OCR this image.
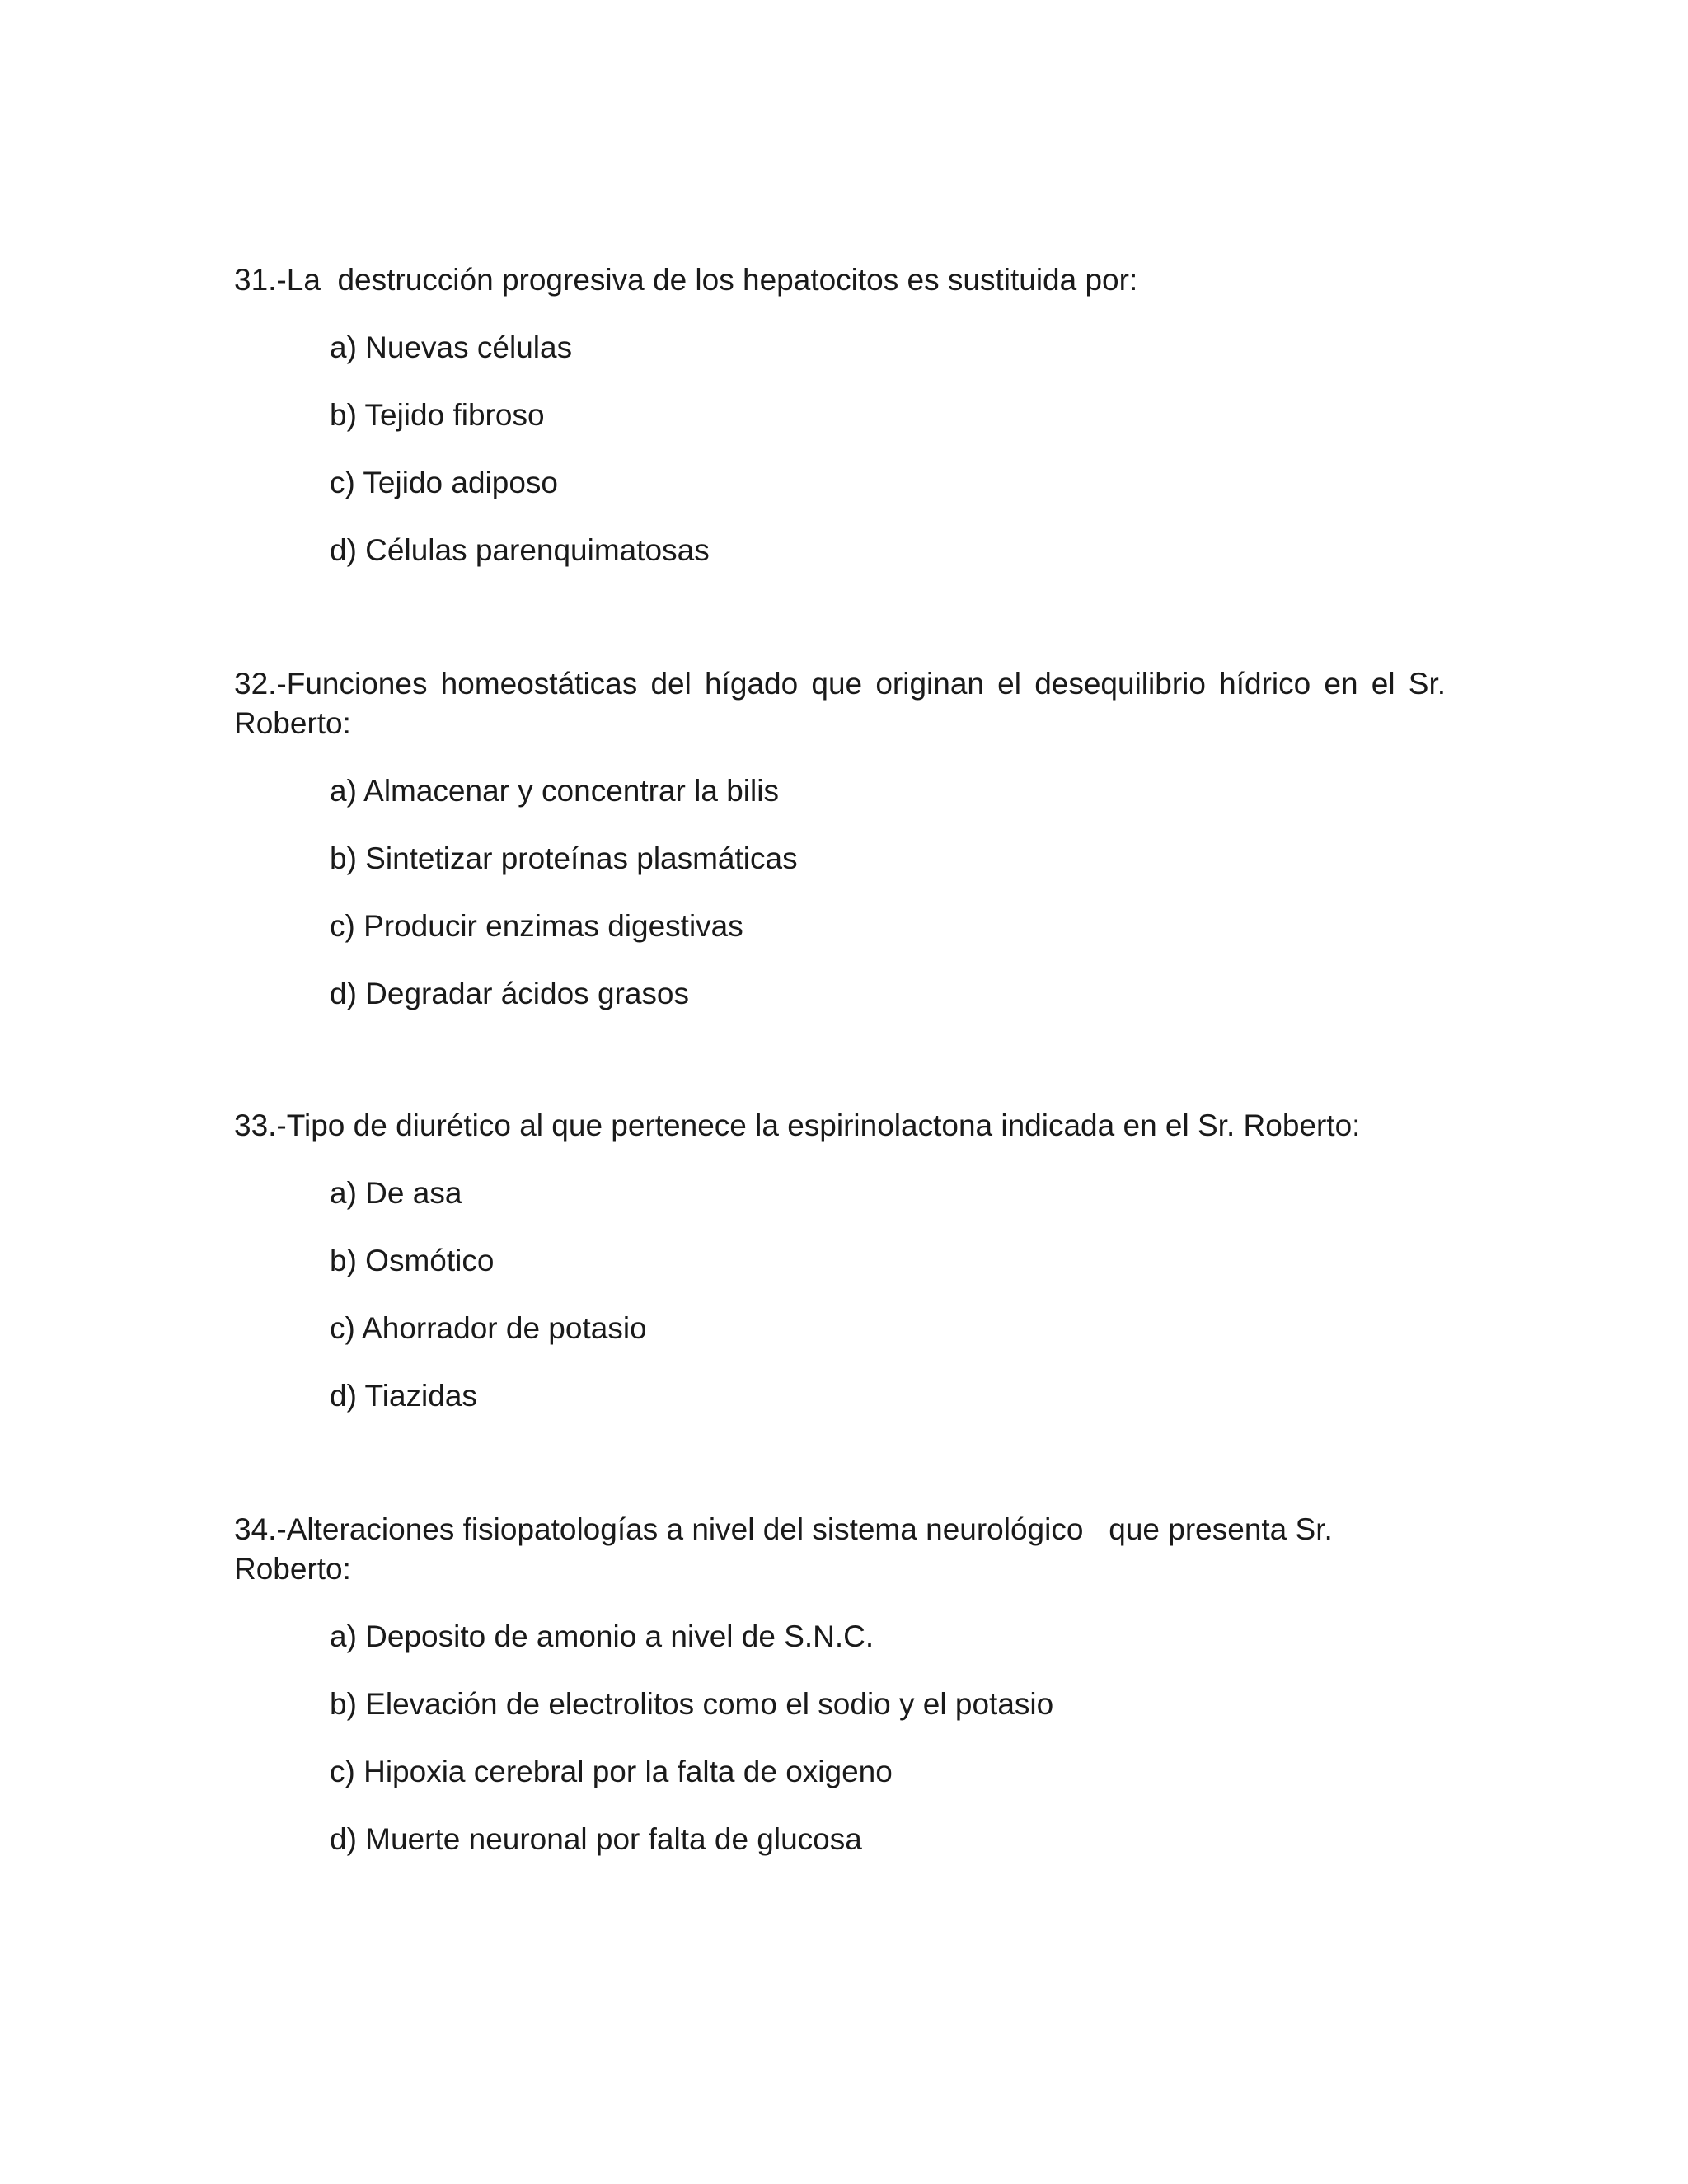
31.-La  destrucción progresiva de los hepatocitos es sustituida por:

a) Nuevas células
b) Tejido fibroso
c) Tejido adiposo
d) Células parenquimatosas

32.-Funciones homeostáticas del hígado que originan el desequilibrio hídrico en el Sr. Roberto:

a) Almacenar y concentrar la bilis
b) Sintetizar proteínas plasmáticas
c) Producir enzimas digestivas
d) Degradar ácidos grasos

33.-Tipo de diurético al que pertenece la espirinolactona indicada en el Sr. Roberto:

a) De asa
b) Osmótico
c) Ahorrador de potasio
d) Tiazidas

34.-Alteraciones fisiopatologías a nivel del sistema neurológico   que presenta Sr.
Roberto:

a) Deposito de amonio a nivel de S.N.C.
b) Elevación de electrolitos como el sodio y el potasio
c) Hipoxia cerebral por la falta de oxigeno
d) Muerte neuronal por falta de glucosa
